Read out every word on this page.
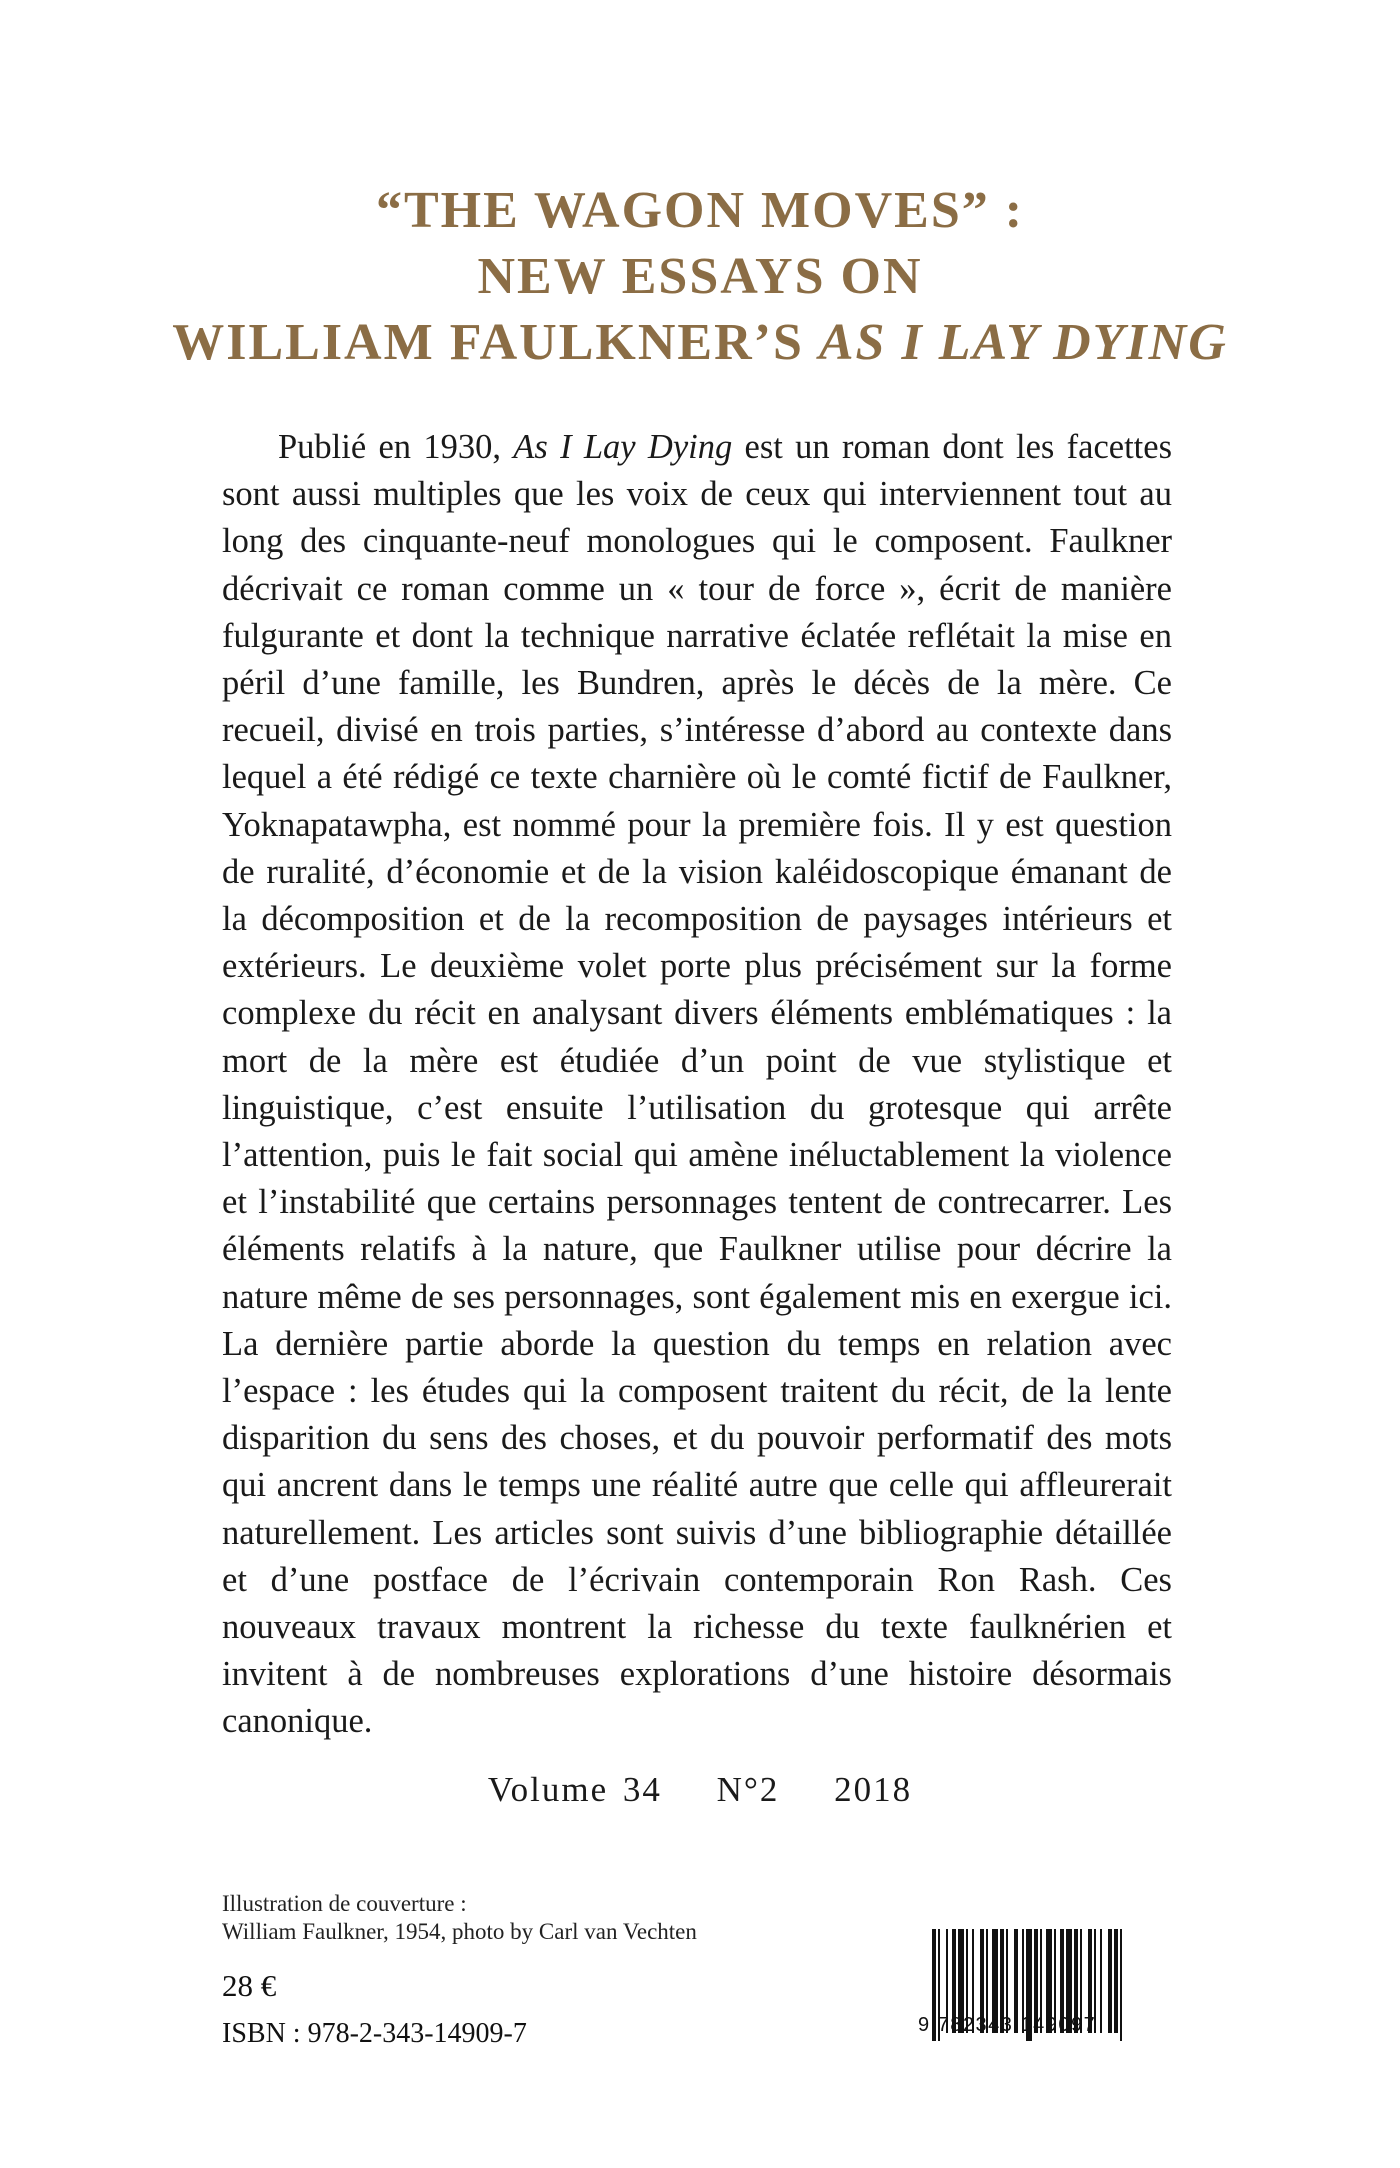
“THE WAGON MOVES” :
NEW ESSAYS ON
WILLIAM FAULKNER’S AS I LAY DYING

Publié en 1930, As I Lay Dying est un roman dont les facettes sont aussi multiples que les voix de ceux qui interviennent tout au long des cinquante-neuf monologues qui le composent. Faulkner décrivait ce roman comme un « tour de force », écrit de manière fulgurante et dont la technique narrative éclatée reflétait la mise en péril d’une famille, les Bundren, après le décès de la mère. Ce recueil, divisé en trois parties, s’intéresse d’abord au contexte dans lequel a été rédigé ce texte charnière où le comté fictif de Faulkner, Yoknapatawpha, est nommé pour la première fois. Il y est question de ruralité, d’économie et de la vision kaléidoscopique émanant de la décomposition et de la recomposition de paysages intérieurs et extérieurs. Le deuxième volet porte plus précisément sur la forme complexe du récit en analysant divers éléments emblématiques : la mort de la mère est étudiée d’un point de vue stylistique et linguistique, c’est ensuite l’utilisation du grotesque qui arrête l’attention, puis le fait social qui amène inéluctablement la violence et l’instabilité que certains personnages tentent de contrecarrer. Les éléments relatifs à la nature, que Faulkner utilise pour décrire la nature même de ses personnages, sont également mis en exergue ici. La dernière partie aborde la question du temps en relation avec l’espace : les études qui la composent traitent du récit, de la lente disparition du sens des choses, et du pouvoir performatif des mots qui ancrent dans le temps une réalité autre que celle qui affleurerait naturellement. Les articles sont suivis d’une bibliographie détaillée et d’une postface de l’écrivain contemporain Ron Rash. Ces nouveaux travaux montrent la richesse du texte faulknérien et invitent à de nombreuses explorations d’une histoire désormais canonique.

Volume 34 N°2 2018
Illustration de couverture :
William Faulkner, 1954, photo by Carl van Vechten
28 €
ISBN : 978-2-343-14909-7	9 782343 149097
